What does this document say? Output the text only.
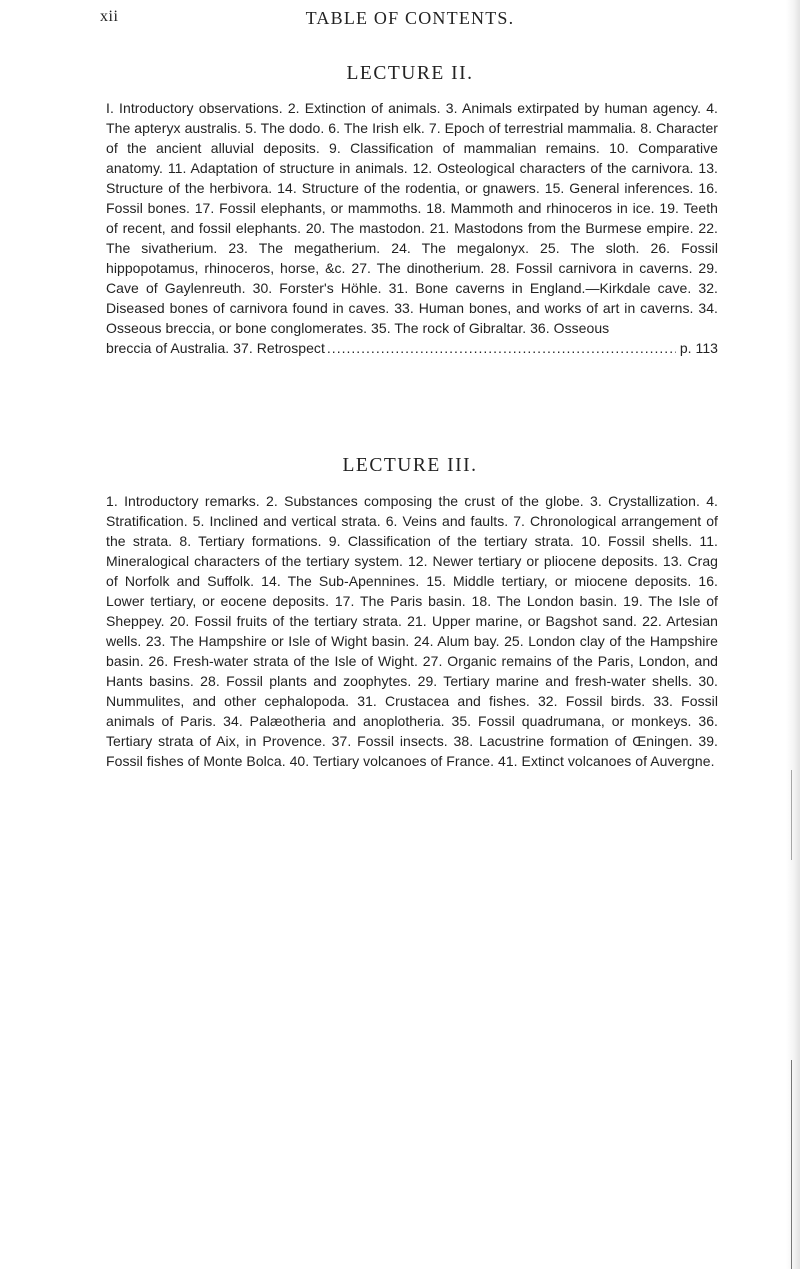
xii	TABLE OF CONTENTS.
LECTURE II.

I. Introductory observations. 2. Extinction of animals. 3. Animals extirpated by human agency. 4. The apteryx australis. 5. The dodo. 6. The Irish elk. 7. Epoch of terrestrial mammalia. 8. Character of the ancient alluvial deposits. 9. Classification of mammalian remains. 10. Comparative anatomy. 11. Adaptation of structure in animals. 12. Osteological characters of the carnivora. 13. Structure of the herbivora. 14. Structure of the rodentia, or gnawers. 15. General inferences. 16. Fossil bones. 17. Fossil elephants, or mammoths. 18. Mammoth and rhinoceros in ice. 19. Teeth of recent, and fossil elephants. 20. The mastodon. 21. Mastodons from the Burmese empire. 22. The sivatherium. 23. The megatherium. 24. The megalonyx. 25. The sloth. 26. Fossil hippopotamus, rhinoceros, horse, &c. 27. The dinotherium. 28. Fossil carnivora in caverns. 29. Cave of Gaylenreuth. 30. Forster's Höhle. 31. Bone caverns in England.—Kirkdale cave. 32. Diseased bones of carnivora found in caves. 33. Human bones, and works of art in caverns. 34. Osseous breccia, or bone conglomerates. 35. The rock of Gibraltar. 36. Osseous
breccia of Australia. 37. Retrospect
.....	p. 113

LECTURE III.

1. Introductory remarks. 2. Substances composing the crust of the globe. 3. Crystallization. 4. Stratification. 5. Inclined and vertical strata. 6. Veins and faults. 7. Chronological arrangement of the strata. 8. Tertiary formations. 9. Classification of the tertiary strata. 10. Fossil shells. 11. Mineralogical characters of the tertiary system. 12. Newer tertiary or pliocene deposits. 13. Crag of Norfolk and Suffolk. 14. The Sub-Apennines. 15. Middle tertiary, or miocene deposits. 16. Lower tertiary, or eocene deposits. 17. The Paris basin. 18. The London basin. 19. The Isle of Sheppey. 20. Fossil fruits of the tertiary strata. 21. Upper marine, or Bagshot sand. 22. Artesian wells. 23. The Hampshire or Isle of Wight basin. 24. Alum bay. 25. London clay of the Hampshire basin. 26. Fresh-water strata of the Isle of Wight. 27. Organic remains of the Paris, London, and Hants basins. 28. Fossil plants and zoophytes. 29. Tertiary marine and fresh-water shells. 30. Nummulites, and other cephalopoda. 31. Crustacea and fishes. 32. Fossil birds. 33. Fossil animals of Paris. 34. Palæotheria and anoplotheria. 35. Fossil quadrumana, or monkeys. 36. Tertiary strata of Aix, in Provence. 37. Fossil insects. 38. Lacustrine formation of Œningen. 39. Fossil fishes of Monte Bolca. 40. Tertiary volcanoes of France. 41. Extinct volcanoes of Auvergne.
